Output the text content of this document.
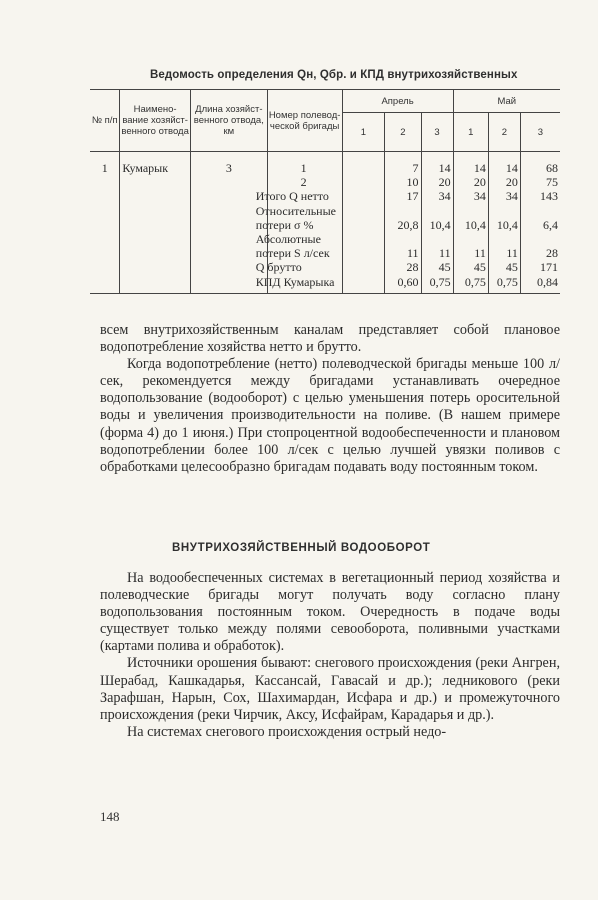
Ведомость определения Qн, Qбр. и КПД внутрихозяйственных
№ п/п	Наимено-вание хозяйст-венного отвода	Длина хозяйст-венного отвода, км	Номер полевод-ческой бригады	Апрель			Май		
				1	2	3	1	2	3
1	Кумарык	3	1		7	14	14	14	68
			2		10	20	20	20	75
			Итого Q нетто		17	34	34	34	143
			Относительные						
			потери σ %		20,8	10,4	10,4	10,4	6,4
			Абсолютные						
			потери S л/сек		11	11	11	11	28
			Q брутто		28	45	45	45	171
			КПД Кумарыка		0,60	0,75	0,75	0,75	0,84

всем внутрихозяйственным каналам представляет собой плановое водопотребление хозяйства нетто и брутто.

Когда водопотребление (нетто) полеводческой бригады меньше 100 л/сек, рекомендуется между бригадами устанавливать очередное водопользование (водооборот) с целью уменьшения потерь оросительной воды и увеличения производительности на поливе. (В нашем примере (форма 4) до 1 июня.) При стопроцентной водообеспеченности и плановом водопотреблении более 100 л/сек с целью лучшей увязки поливов с обработками целесообразно бригадам подавать воду постоянным током.

ВНУТРИХОЗЯЙСТВЕННЫЙ ВОДООБОРОТ

На водообеспеченных системах в вегетационный период хозяйства и полеводческие бригады могут получать воду согласно плану водопользования постоянным током. Очередность в подаче воды существует только между полями севооборота, поливными участками (картами полива и обработок).

Источники орошения бывают: снегового происхождения (реки Ангрен, Шерабад, Кашкадарья, Кассансай, Гавасай и др.); ледникового (реки Зарафшан, Нарын, Сох, Шахимардан, Исфара и др.) и промежуточного происхождения (реки Чирчик, Аксу, Исфайрам, Карадарья и др.).

На системах снегового происхождения острый недо-

148
